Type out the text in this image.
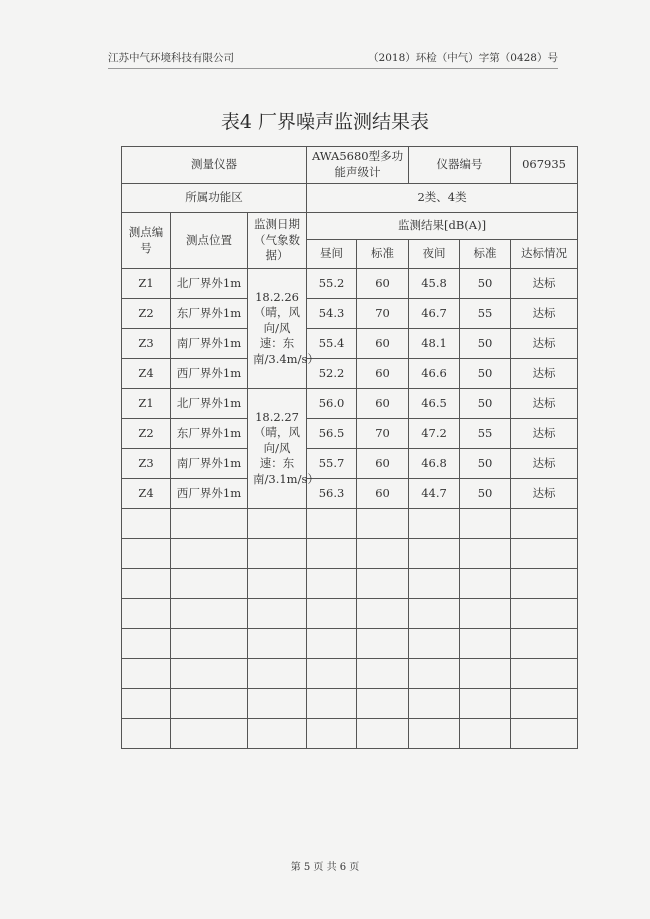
江苏中气环境科技有限公司	（2018）环检（中气）字第（0428）号
表4 厂界噪声监测结果表
测量仪器			AWA5680型多功能声级计		仪器编号		067935
所属功能区			2类、4类				
测点编号	测点位置	监测日期（气象数据）	监测结果[dB(A)]				
			昼间	标准	夜间	标准	达标情况
Z1	北厂界外1m	18.2.26（晴，风向/风速：东南/3.4m/s）	55.2	60	45.8	50	达标
Z2	东厂界外1m		54.3	70	46.7	55	达标
Z3	南厂界外1m		55.4	60	48.1	50	达标
Z4	西厂界外1m		52.2	60	46.6	50	达标
Z1	北厂界外1m	18.2.27（晴，风向/风速：东南/3.1m/s）	56.0	60	46.5	50	达标
Z2	东厂界外1m		56.5	70	47.2	55	达标
Z3	南厂界外1m		55.7	60	46.8	50	达标
Z4	西厂界外1m		56.3	60	44.7	50	达标

第 5 页 共 6 页
